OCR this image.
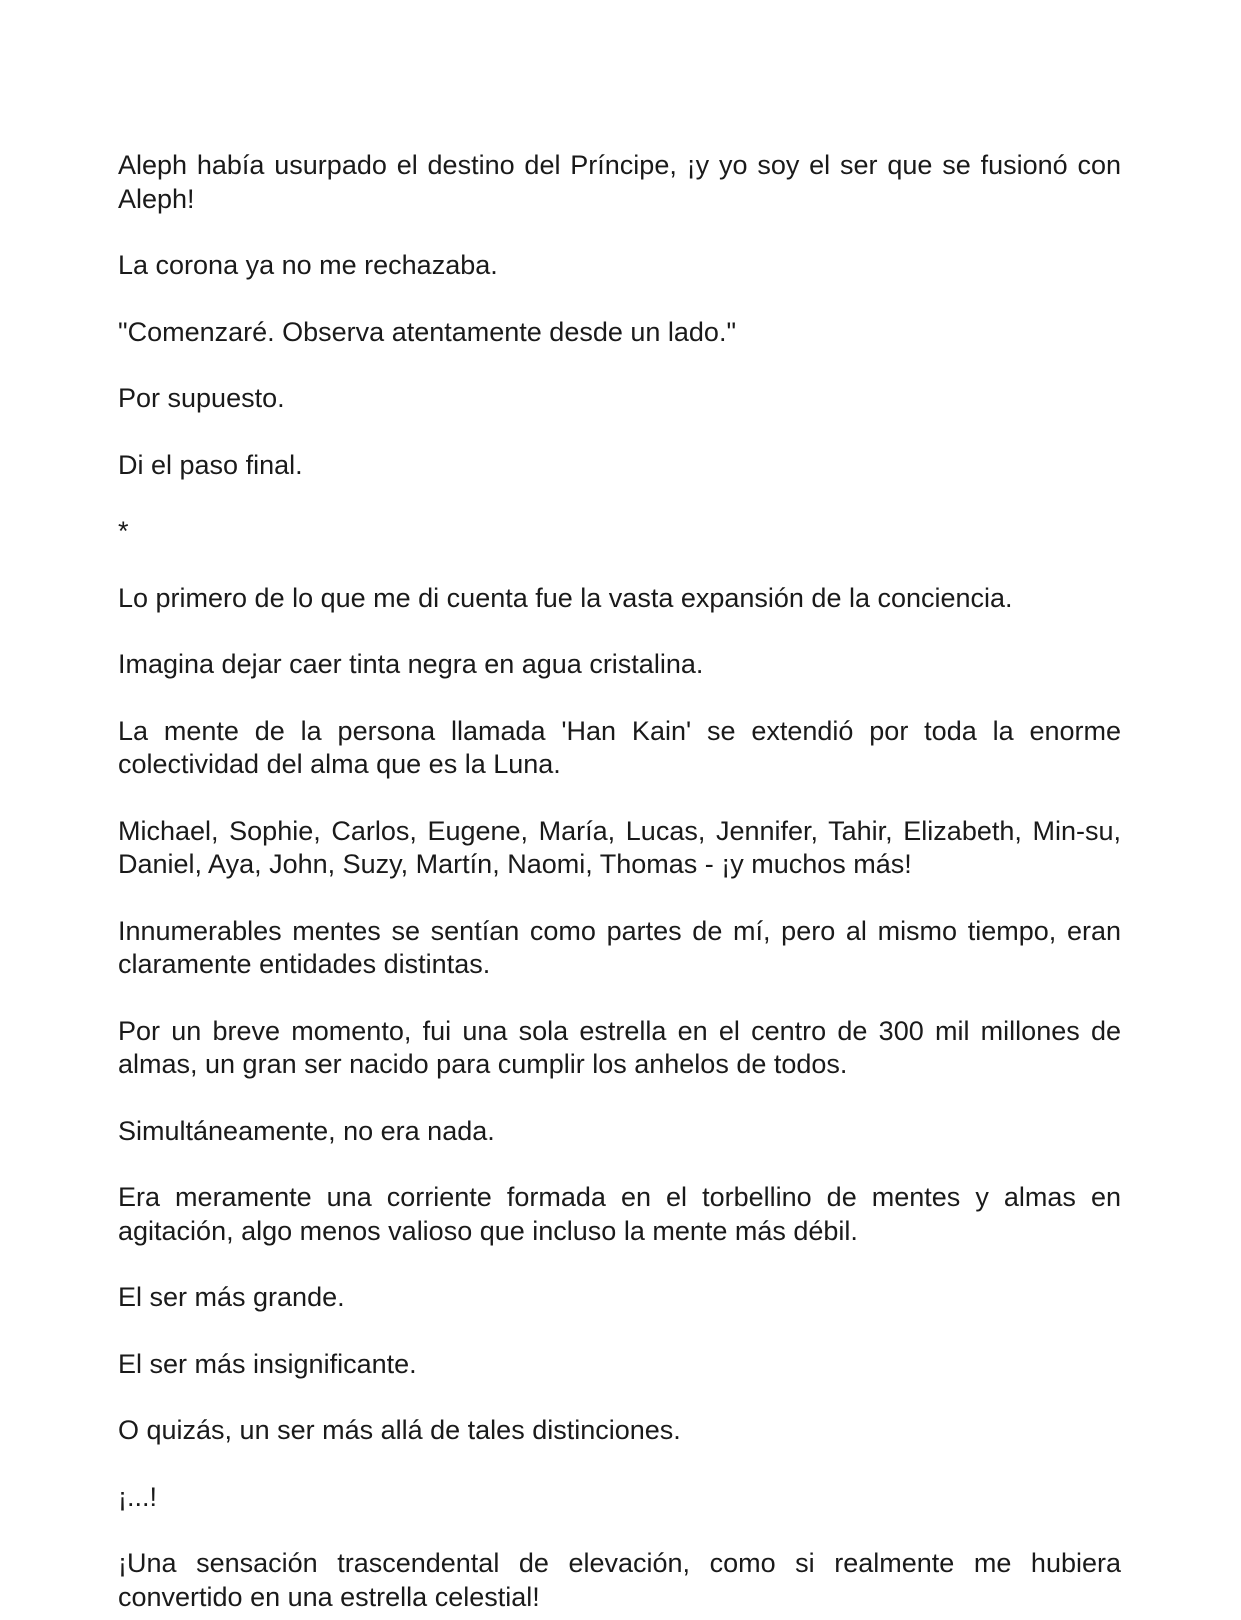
Aleph había usurpado el destino del Príncipe, ¡y yo soy el ser que se fusionó con Aleph!

La corona ya no me rechazaba.

"Comenzaré. Observa atentamente desde un lado."

Por supuesto.

Di el paso final.

*

Lo primero de lo que me di cuenta fue la vasta expansión de la conciencia.

Imagina dejar caer tinta negra en agua cristalina.

La mente de la persona llamada 'Han Kain' se extendió por toda la enorme colectividad del alma que es la Luna.

Michael, Sophie, Carlos, Eugene, María, Lucas, Jennifer, Tahir, Elizabeth, Min-su, Daniel, Aya, John, Suzy, Martín, Naomi, Thomas - ¡y muchos más!

Innumerables mentes se sentían como partes de mí, pero al mismo tiempo, eran claramente entidades distintas.

Por un breve momento, fui una sola estrella en el centro de 300 mil millones de almas, un gran ser nacido para cumplir los anhelos de todos.

Simultáneamente, no era nada.

Era meramente una corriente formada en el torbellino de mentes y almas en agitación, algo menos valioso que incluso la mente más débil.

El ser más grande.

El ser más insignificante.

O quizás, un ser más allá de tales distinciones.

¡...!

¡Una sensación trascendental de elevación, como si realmente me hubiera convertido en una estrella celestial!
